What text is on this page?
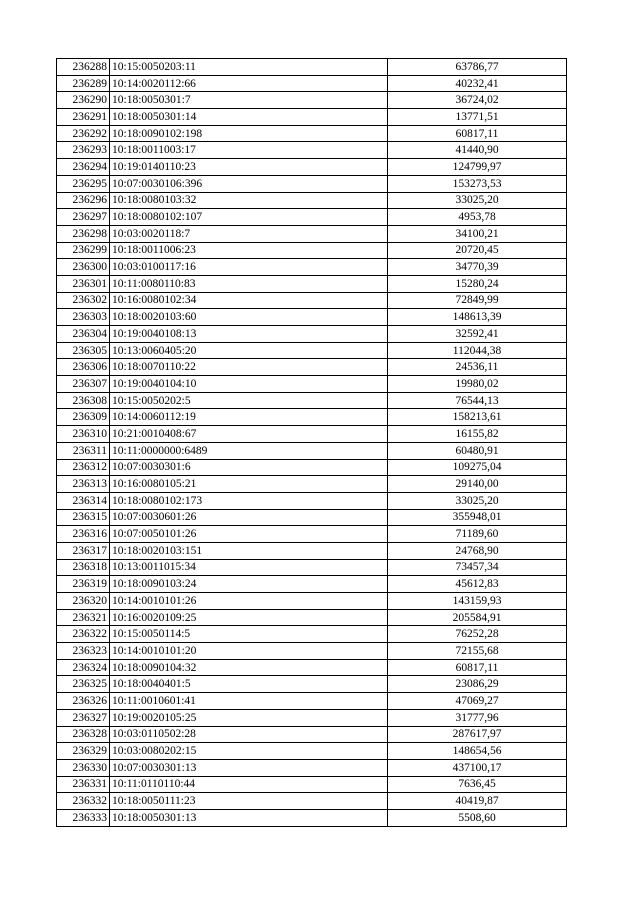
236288	10:15:0050203:11	63786,77
236289	10:14:0020112:66	40232,41
236290	10:18:0050301:7	36724,02
236291	10:18:0050301:14	13771,51
236292	10:18:0090102:198	60817,11
236293	10:18:0011003:17	41440,90
236294	10:19:0140110:23	124799,97
236295	10:07:0030106:396	153273,53
236296	10:18:0080103:32	33025,20
236297	10:18:0080102:107	4953,78
236298	10:03:0020118:7	34100,21
236299	10:18:0011006:23	20720,45
236300	10:03:0100117:16	34770,39
236301	10:11:0080110:83	15280,24
236302	10:16:0080102:34	72849,99
236303	10:18:0020103:60	148613,39
236304	10:19:0040108:13	32592,41
236305	10:13:0060405:20	112044,38
236306	10:18:0070110:22	24536,11
236307	10:19:0040104:10	19980,02
236308	10:15:0050202:5	76544,13
236309	10:14:0060112:19	158213,61
236310	10:21:0010408:67	16155,82
236311	10:11:0000000:6489	60480,91
236312	10:07:0030301:6	109275,04
236313	10:16:0080105:21	29140,00
236314	10:18:0080102:173	33025,20
236315	10:07:0030601:26	355948,01
236316	10:07:0050101:26	71189,60
236317	10:18:0020103:151	24768,90
236318	10:13:0011015:34	73457,34
236319	10:18:0090103:24	45612,83
236320	10:14:0010101:26	143159,93
236321	10:16:0020109:25	205584,91
236322	10:15:0050114:5	76252,28
236323	10:14:0010101:20	72155,68
236324	10:18:0090104:32	60817,11
236325	10:18:0040401:5	23086,29
236326	10:11:0010601:41	47069,27
236327	10:19:0020105:25	31777,96
236328	10:03:0110502:28	287617,97
236329	10:03:0080202:15	148654,56
236330	10:07:0030301:13	437100,17
236331	10:11:0110110:44	7636,45
236332	10:18:0050111:23	40419,87
236333	10:18:0050301:13	5508,60
